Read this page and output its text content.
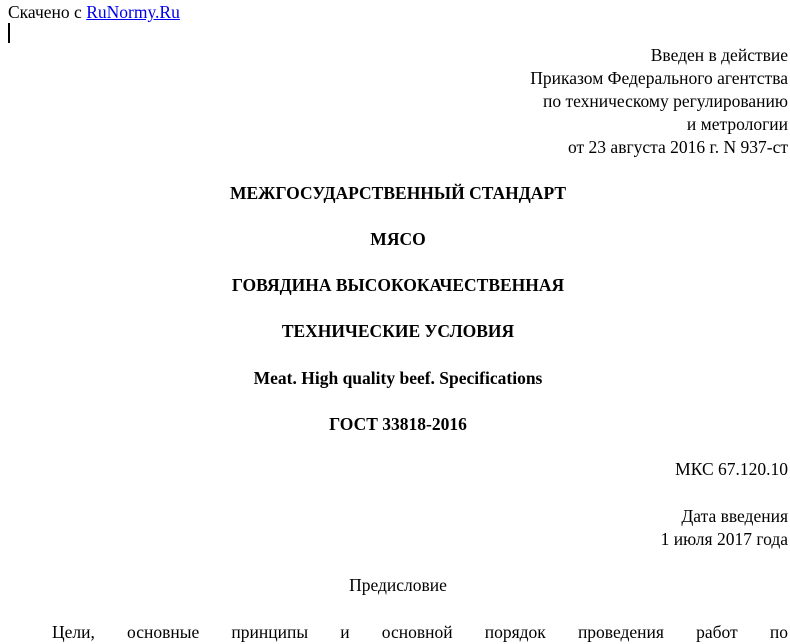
Скачено с RuNormy.Ru
Введен в действие
Приказом Федерального агентства
по техническому регулированию
и метрологии
от 23 августа 2016 г. N 937-ст
МЕЖГОСУДАРСТВЕННЫЙ СТАНДАРТ
МЯСО
ГОВЯДИНА ВЫСОКОКАЧЕСТВЕННАЯ
ТЕХНИЧЕСКИЕ УСЛОВИЯ
Meat. High quality beef. Specifications
ГОСТ 33818-2016
МКС 67.120.10
Дата введения
1 июля 2017 года
Предисловие
Цели, основные принципы и основной порядок проведения работ по
